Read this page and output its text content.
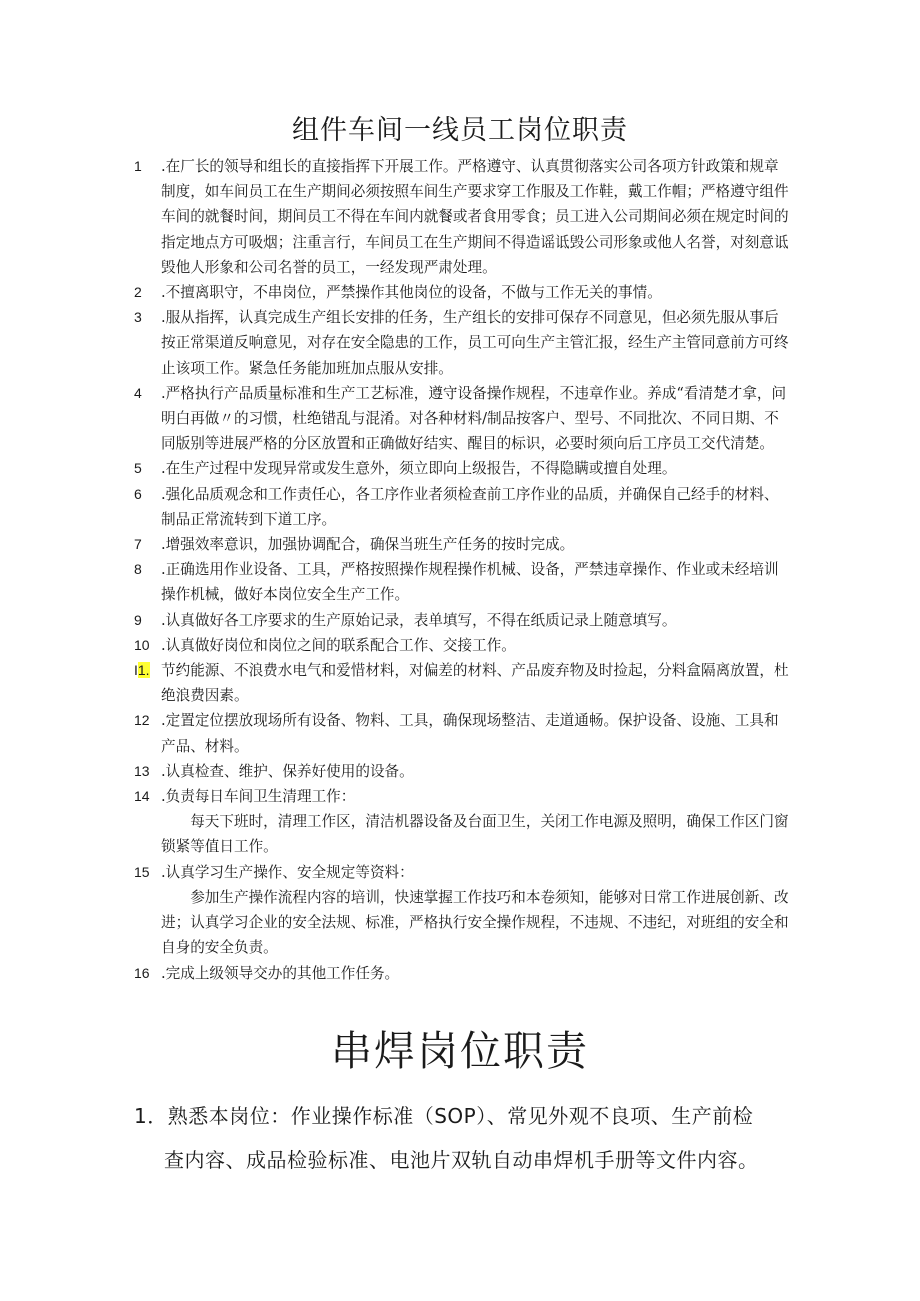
组件车间一线员工岗位职责
1 .在厂长的领导和组长的直接指挥下开展工作。严格遵守、认真贯彻落实公司各项方针政策和规章制度，如车间员工在生产期间必须按照车间生产要求穿工作服及工作鞋，戴工作帽；严格遵守组件车间的就餐时间，期间员工不得在车间内就餐或者食用零食；员工进入公司期间必须在规定时间的指定地点方可吸烟；注重言行，车间员工在生产期间不得造谣诋毁公司形象或他人名誉，对刻意诋毁他人形象和公司名誉的员工，一经发现严肃处理。
2 .不擅离职守，不串岗位，严禁操作其他岗位的设备，不做与工作无关的事情。
3 .服从指挥，认真完成生产组长安排的任务，生产组长的安排可保存不同意见，但必须先服从事后按正常渠道反响意见，对存在安全隐患的工作，员工可向生产主管汇报，经生产主管同意前方可终止该项工作。紧急任务能加班加点服从安排。
4 .严格执行产品质量标准和生产工艺标准，遵守设备操作规程，不违章作业。养成“看清楚才拿，问明白再做〃的习惯，杜绝错乱与混淆。对各种材料/制品按客户、型号、不同批次、不同日期、不同版别等进展严格的分区放置和正确做好结实、醒目的标识，必要时须向后工序员工交代清楚。
5 .在生产过程中发现异常或发生意外，须立即向上级报告，不得隐瞒或擅自处理。
6 .强化品质观念和工作责任心，各工序作业者须检查前工序作业的品质，并确保自己经手的材料、制品正常流转到下道工序。
7 .增强效率意识，加强协调配合，确保当班生产任务的按时完成。
8 .正确选用作业设备、工具，严格按照操作规程操作机械、设备，严禁违章操作、作业或未经培训操作机械，做好本岗位安全生产工作。
9 .认真做好各工序要求的生产原始记录，表单填写，不得在纸质记录上随意填写。
10 .认真做好岗位和岗位之间的联系配合工作、交接工作。
I1. 节约能源、不浪费水电气和爱惜材料，对偏差的材料、产品废弃物及时捡起，分料盒隔离放置，杜绝浪费因素。
12 .定置定位摆放现场所有设备、物料、工具，确保现场整洁、走道通畅。保护设备、设施、工具和产品、材料。
13 .认真检查、维护、保养好使用的设备。
14 .负责每日车间卫生清理工作：

每天下班时，清理工作区，清洁机器设备及台面卫生，关闭工作电源及照明，确保工作区门窗锁紧等值日工作。

15 .认真学习生产操作、安全规定等资料：

参加生产操作流程内容的培训，快速掌握工作技巧和本卷须知，能够对日常工作进展创新、改进；认真学习企业的安全法规、标准，严格执行安全操作规程，不违规、不违纪，对班组的安全和自身的安全负责。

16 .完成上级领导交办的其他工作任务。
串焊岗位职责

1．熟悉本岗位：作业操作标准（SOP）、常见外观不良项、生产前检

查内容、成品检验标准、电池片双轨自动串焊机手册等文件内容。
